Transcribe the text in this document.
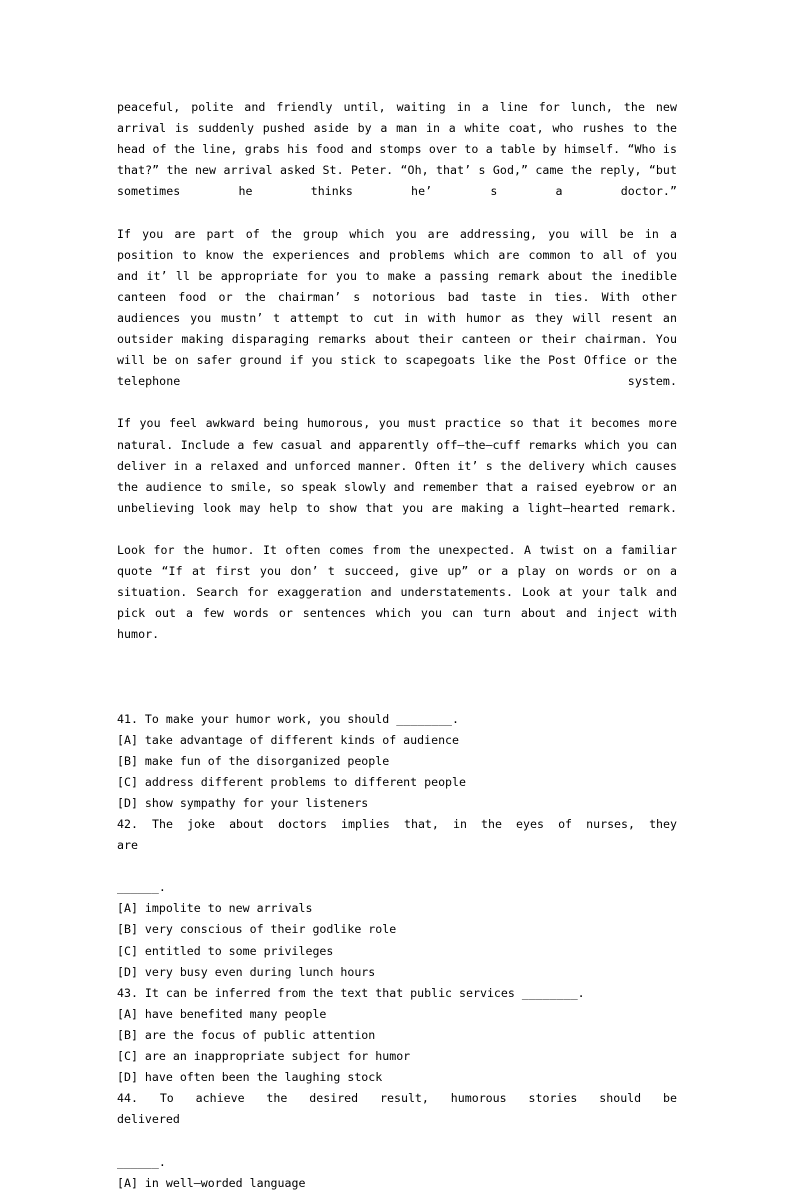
peaceful, polite and friendly until, waiting in a line for lunch, the new arrival is suddenly pushed aside by a man in a white coat, who rushes to the head of the line, grabs his food and stomps over to a table by himself. “Who is that?” the new arrival asked St. Peter. “Oh, that’ s God,” came the reply, “but sometimes he thinks he’ s a doctor.”

If you are part of the group which you are addressing, you will be in a position to know the experiences and problems which are common to all of you and it’ ll be appropriate for you to make a passing remark about the inedible canteen food or the chairman’ s notorious bad taste in ties. With other audiences you mustn’ t attempt to cut in with humor as they will resent an outsider making disparaging remarks about their canteen or their chairman. You will be on safer ground if you stick to scapegoats like the Post Office or the telephone system.

If you feel awkward being humorous, you must practice so that it becomes more natural. Include a few casual and apparently off—the—cuff remarks which you can deliver in a relaxed and unforced manner. Often it’ s the delivery which causes the audience to smile, so speak slowly and remember that a raised eyebrow or an unbelieving look may help to show that you are making a light—hearted remark.

Look for the humor. It often comes from the unexpected. A twist on a familiar quote “If at first you don’ t succeed, give up” or a play on words or on a situation. Search for exaggeration and understatements. Look at your talk and pick out a few words or sentences which you can turn about and inject with humor.

41. To make your humor work, you should ________.

[A] take advantage of different kinds of audience

[B] make fun of the disorganized people

[C] address different problems to different people

[D] show sympathy for your listeners

42.  The  joke  about  doctors  implies  that,  in  the  eyes  of  nurses,  they  are

______.

[A] impolite to new arrivals

[B] very conscious of their godlike role

[C] entitled to some privileges

[D] very busy even during lunch hours

43. It can be inferred from the text that public services ________.

[A] have benefited many people

[B] are the focus of public attention

[C] are an inappropriate subject for humor

[D] have often been the laughing stock

44.  To  achieve  the  desired  result,  humorous  stories  should  be  delivered

______.

[A] in well—worded language
